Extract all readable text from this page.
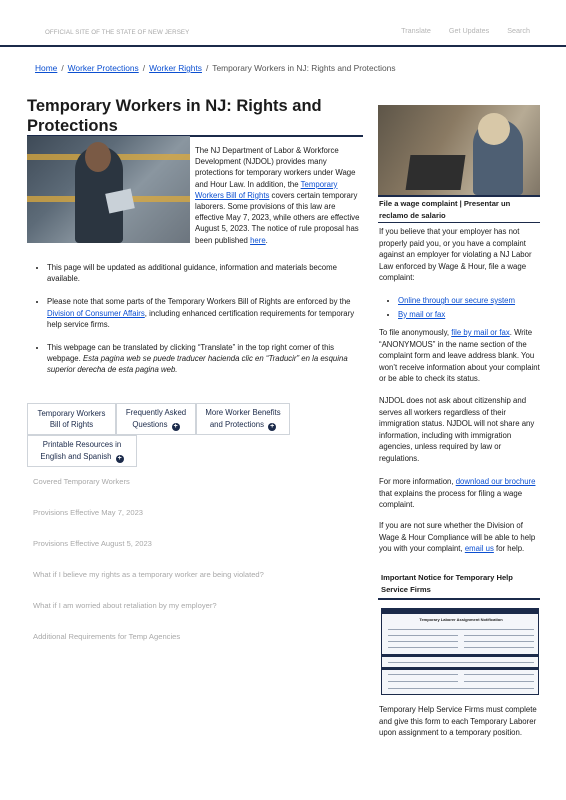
OFFICIAL SITE OF THE STATE OF NEW JERSEY	Translate	Get Updates	Search
Home / Worker Protections / Worker Rights / Temporary Workers in NJ: Rights and Protections
Temporary Workers in NJ: Rights and Protections

The NJ Department of Labor & Workforce Development (NJDOL) provides many protections for temporary workers under Wage and Hour Law. In addition, the Temporary Workers Bill of Rights covers certain temporary laborers. Some provisions of this law are effective May 7, 2023, while others are effective August 5, 2023. The notice of rule proposal has been published here.

• This page will be updated as additional guidance, information and materials become available.
• Please note that some parts of the Temporary Workers Bill of Rights are enforced by the Division of Consumer Affairs, including enhanced certification requirements for temporary help service firms.
• This webpage can be translated by clicking “Translate” in the top right corner of this webpage. Esta pagina web se puede traducer hacienda clic en “Traducir” en la esquina superior derecha de esta pagina web.
Temporary Workers Bill of Rights
Frequently Asked Questions +
More Worker Benefits and Protections +
Printable Resources in English and Spanish +
Covered Temporary Workers
Provisions Effective May 7, 2023
Provisions Effective August 5, 2023
What if I believe my rights as a temporary worker are being violated?
What if I am worried about retaliation by my employer?
Additional Requirements for Temp Agencies
File a wage complaint | Presentar un reclamo de salario

If you believe that your employer has not properly paid you, or you have a complaint against an employer for violating a NJ Labor Law enforced by Wage & Hour, file a wage complaint:

• Online through our secure system
• By mail or fax

To file anonymously, file by mail or fax. Write “ANONYMOUS” in the name section of the complaint form and leave address blank. You won’t receive information about your complaint or be able to check its status.

NJDOL does not ask about citizenship and serves all workers regardless of their immigration status. NJDOL will not share any information, including with immigration agencies, unless required by law or regulations.

For more information, download our brochure that explains the process for filing a wage complaint.

If you are not sure whether the Division of Wage & Hour Compliance will be able to help you with your complaint, email us for help.

Important Notice for Temporary Help Service Firms
Temporary Laborer Assignment Notification

Temporary Help Service Firms must complete and give this form to each Temporary Laborer upon assignment to a temporary position.
